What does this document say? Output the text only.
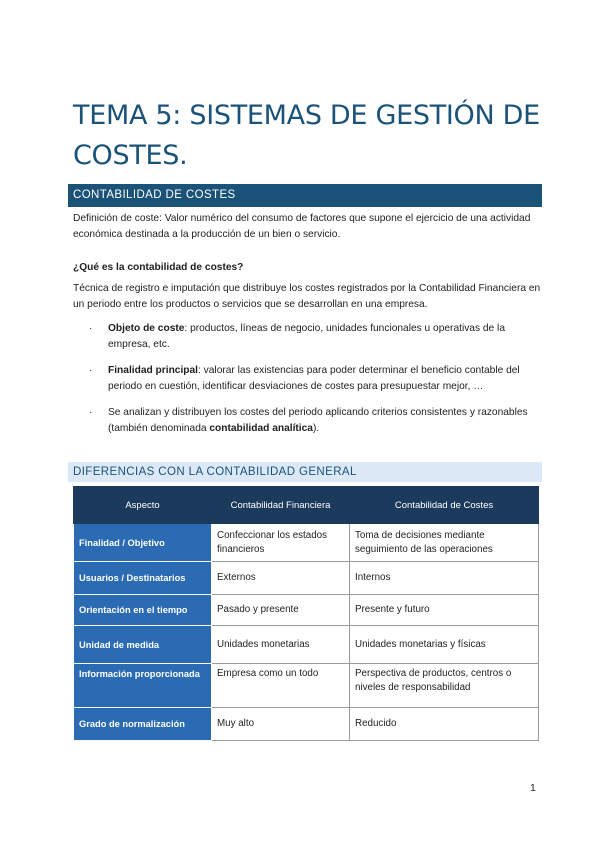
TEMA 5: SISTEMAS DE GESTIÓN DE COSTES.
CONTABILIDAD DE COSTES

Definición de coste: Valor numérico del consumo de factores que supone el ejercicio de una actividad económica destinada a la producción de un bien o servicio.

¿Qué es la contabilidad de costes?

Técnica de registro e imputación que distribuye los costes registrados por la Contabilidad Financiera en un periodo entre los productos o servicios que se desarrollan en una empresa.

· Objeto de coste: productos, líneas de negocio, unidades funcionales u operativas de la empresa, etc.
· Finalidad principal: valorar las existencias para poder determinar el beneficio contable del periodo en cuestión, identificar desviaciones de costes para presupuestar mejor, …
· Se analizan y distribuyen los costes del periodo aplicando criterios consistentes y razonables (también denominada contabilidad analítica).
DIFERENCIAS CON LA CONTABILIDAD GENERAL
Aspecto	Contabilidad Financiera	Contabilidad de Costes
Finalidad / Objetivo	Confeccionar los estados financieros	Toma de decisiones mediante seguimiento de las operaciones
Usuarios / Destinatarios	Externos	Internos
Orientación en el tiempo	Pasado y presente	Presente y futuro
Unidad de medida	Unidades monetarias	Unidades monetarias y físicas
Información proporcionada	Empresa como un todo	Perspectiva de productos, centros o niveles de responsabilidad
Grado de normalización	Muy alto	Reducido
1
